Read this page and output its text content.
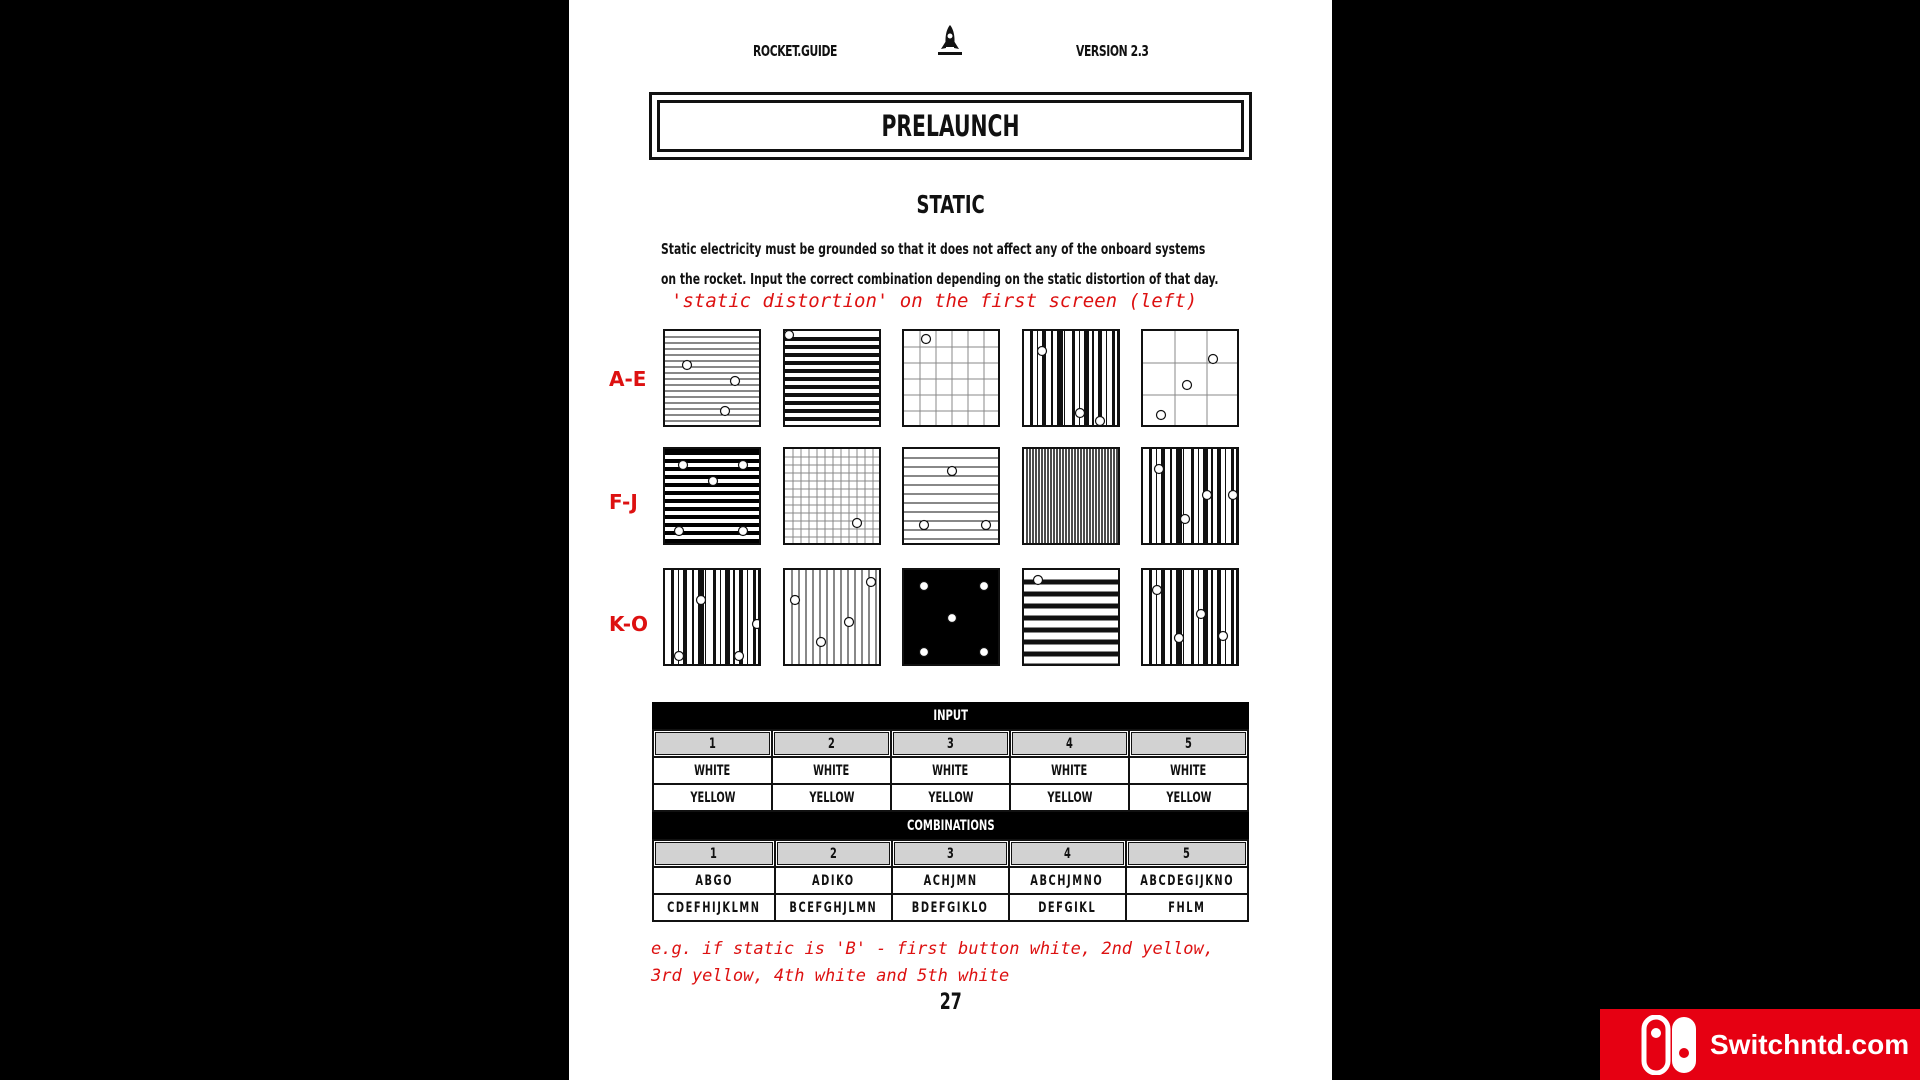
ROCKET.GUIDE	VERSION 2.3
PRELAUNCH
STATIC
Static electricity must be grounded so that it does not affect any of the onboard systems on the rocket. Input the correct combination depending on the static distortion of that day.
'static distortion' on the first screen (left)
A-E
F-J
K-O
INPUT
1
WHITE
YELLOW
2
WHITE
YELLOW
3
WHITE
YELLOW
4
WHITE
YELLOW
5
WHITE
YELLOW
COMBINATIONS
1
ABGO
CDEFHIJKLMN
2
ADIKO
BCEFGHJLMN
3
ACHJMN
BDEFGIKLO
4
ABCHJMNO
DEFGIKL
5
ABCDEGIJKNO
FHLM
e.g. if static is 'B' - first button white, 2nd yellow, 3rd yellow, 4th white and 5th white
27
Switchntd.com
